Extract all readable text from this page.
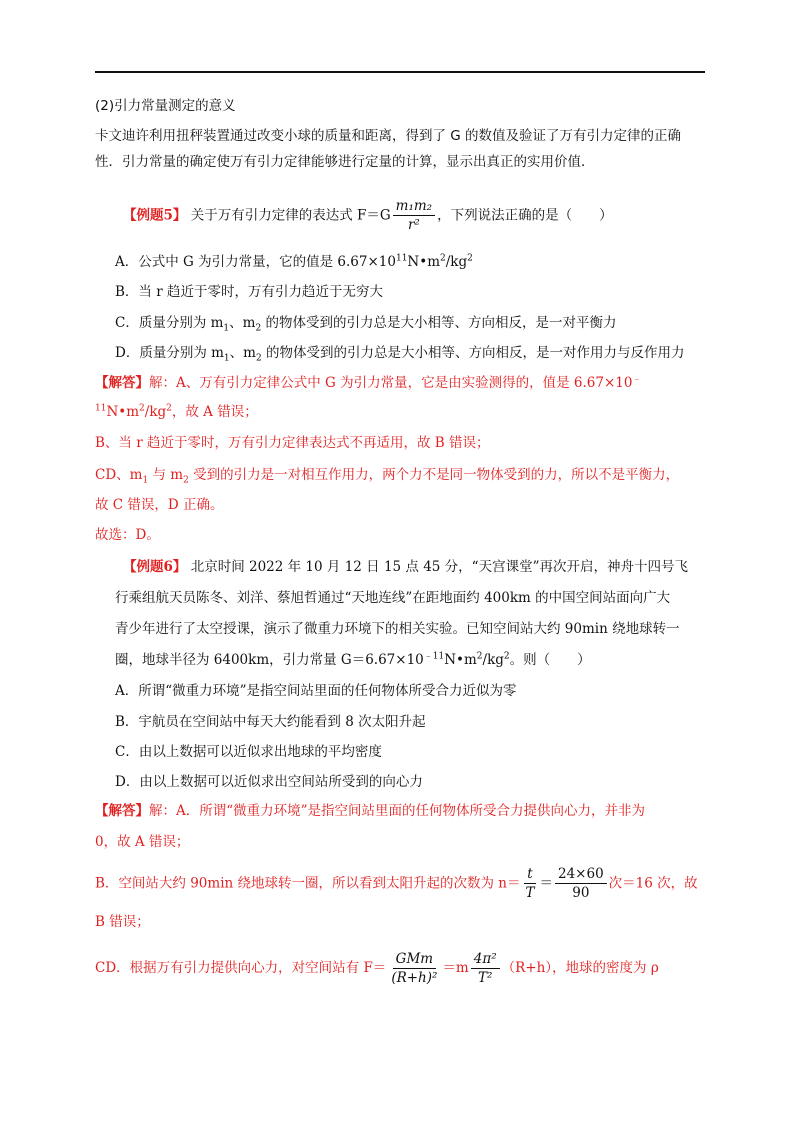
(2)引力常量测定的意义
卡文迪许利用扭秤装置通过改变小球的质量和距离，得到了 G 的数值及验证了万有引力定律的正确
性．引力常量的确定使万有引力定律能够进行定量的计算，显示出真正的实用价值．
【例题5】 关于万有引力定律的表达式 $F=G \frac{\text{m₁m₂}}{\text{r²}}$ ，下列说法正确的是（　　）
A．公式中 G 为引力常量，它的值是 $6.67\times 10^{11}N•m^2/kg^2$
B．当 r 趋近于零时，万有引力趋近于无穷大
C．质量分别为 $m_1$、$m_2$ 的物体受到的引力总是大小相等、方向相反，是一对平衡力
D．质量分别为 $m_1$、$m_2$ 的物体受到的引力总是大小相等、方向相反，是一对作用力与反作用力
【解答】解：A、万有引力定律公式中 G 为引力常量，它是由实验测得的，值是 6.67×10﹣
$^{11}N•m^2/kg^2$，故 A 错误；
B、当 r 趋近于零时，万有引力定律表达式不再适用，故 B 错误；
CD、$m_1$ 与 $m_2$ 受到的引力是一对相互作用力，两个力不是同一物体受到的力，所以不是平衡力，
故 C 错误，D 正确。
故选：D。
【例题6】 北京时间 2022 年 10 月 12 日 15 点 45 分，“天宫课堂”再次开启，神舟十四号飞
行乘组航天员陈冬、刘洋、蔡旭哲通过“天地连线”在距地面约 400km 的中国空间站面向广大
青少年进行了太空授课，演示了微重力环境下的相关实验。已知空间站大约 90min 绕地球转一
圈，地球半径为 6400km，引力常量 $G=6.67\times 10^{﹣11}N•m^2/kg^2$。则（　　）
A．所谓“微重力环境”是指空间站里面的任何物体所受合力近似为零
B．宇航员在空间站中每天大约能看到 8 次太阳升起
C．由以上数据可以近似求出地球的平均密度
D．由以上数据可以近似求出空间站所受到的向心力
【解答】解：A．所谓“微重力环境”是指空间站里面的任何物体所受合力提供向心力，并非为
0，故 A 错误；
B．空间站大约 90min 绕地球转一圈，所以看到太阳升起的次数为 $n= \frac{t}{T} = \frac{24\times 60}{90}$ 次＝16 次，故
B 错误；
CD．根据万有引力提供向心力，对空间站有 $F= \frac{\text{GMm}}{\text{(R+h)²}} =m \frac{\text{4π²}}{\text{T²}} (R+h)$，地球的密度为 ρ
